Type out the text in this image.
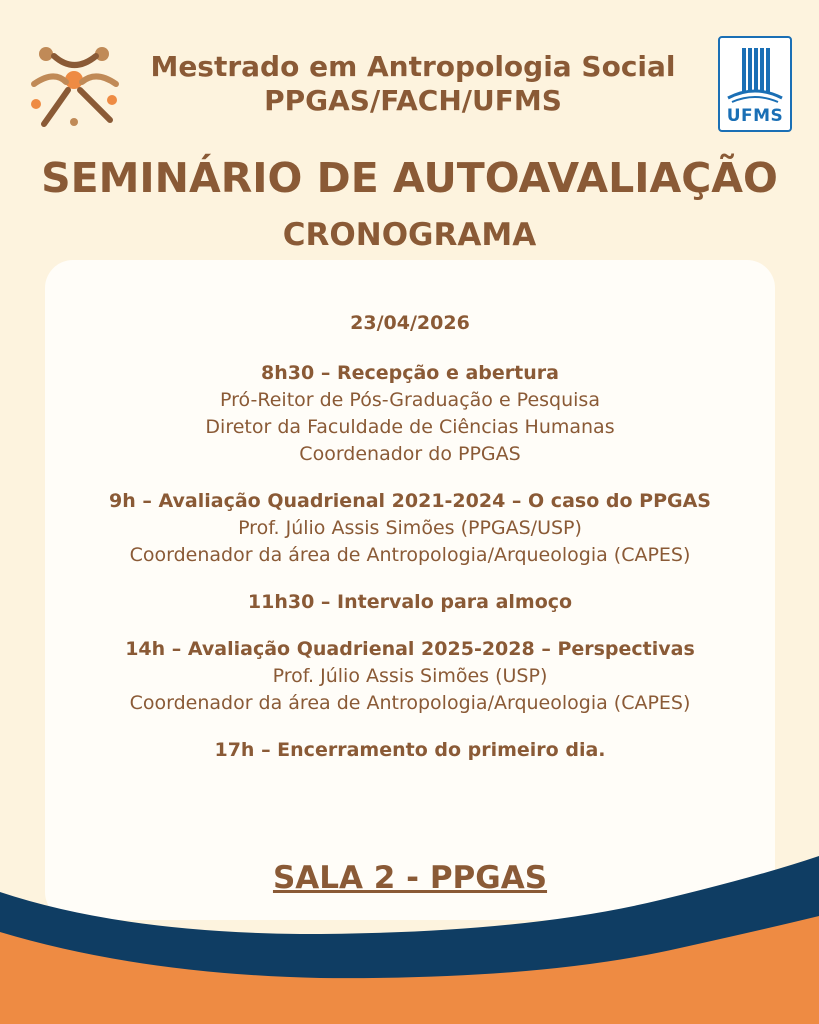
Mestrado em Antropologia Social
PPGAS/FACH/UFMS	UFMS
SEMINÁRIO DE AUTOAVALIAÇÃO
CRONOGRAMA
23/04/2026
8h30 – Recepção e abertura
Pró-Reitor de Pós-Graduação e Pesquisa
Diretor da Faculdade de Ciências Humanas
Coordenador do PPGAS
9h – Avaliação Quadrienal 2021-2024 – O caso do PPGAS
Prof. Júlio Assis Simões (PPGAS/USP)
Coordenador da área de Antropologia/Arqueologia (CAPES)
11h30 – Intervalo para almoço
14h – Avaliação Quadrienal 2025-2028 – Perspectivas
Prof. Júlio Assis Simões (USP)
Coordenador da área de Antropologia/Arqueologia (CAPES)
17h – Encerramento do primeiro dia.
SALA 2 - PPGAS
